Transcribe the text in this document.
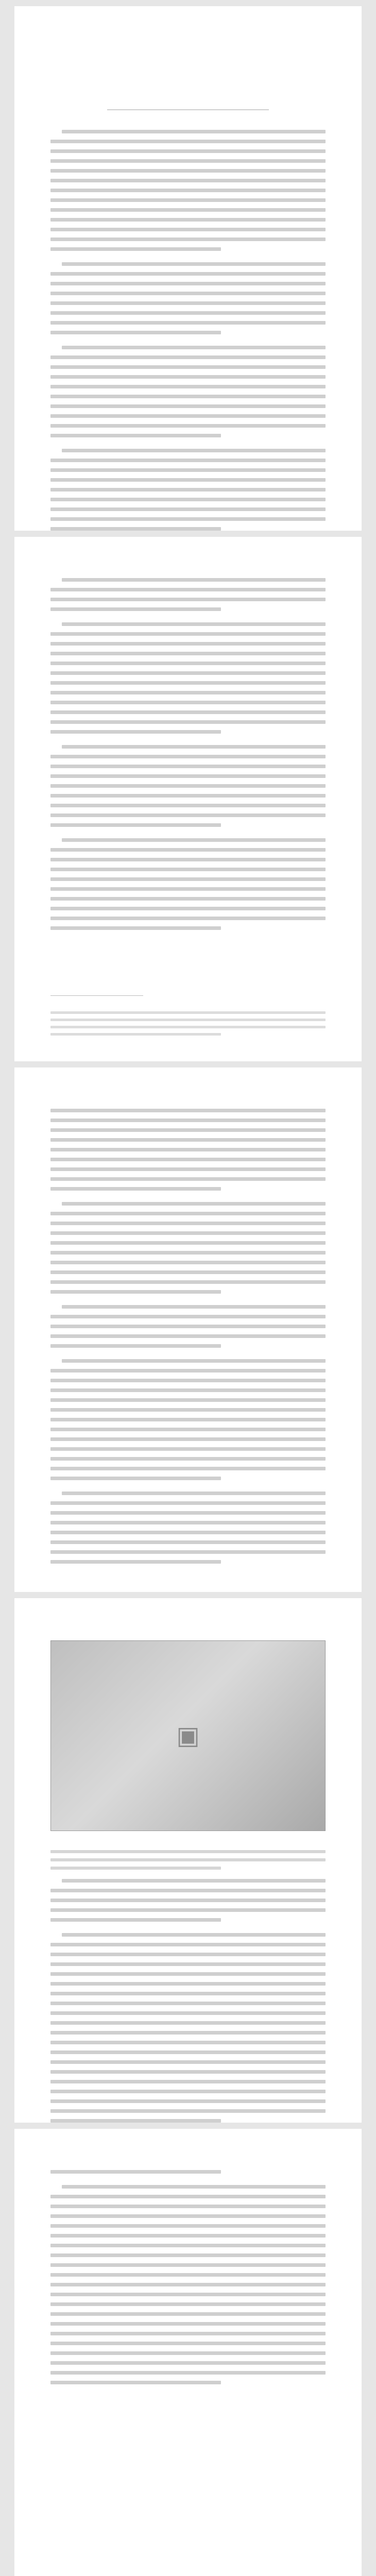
▣
